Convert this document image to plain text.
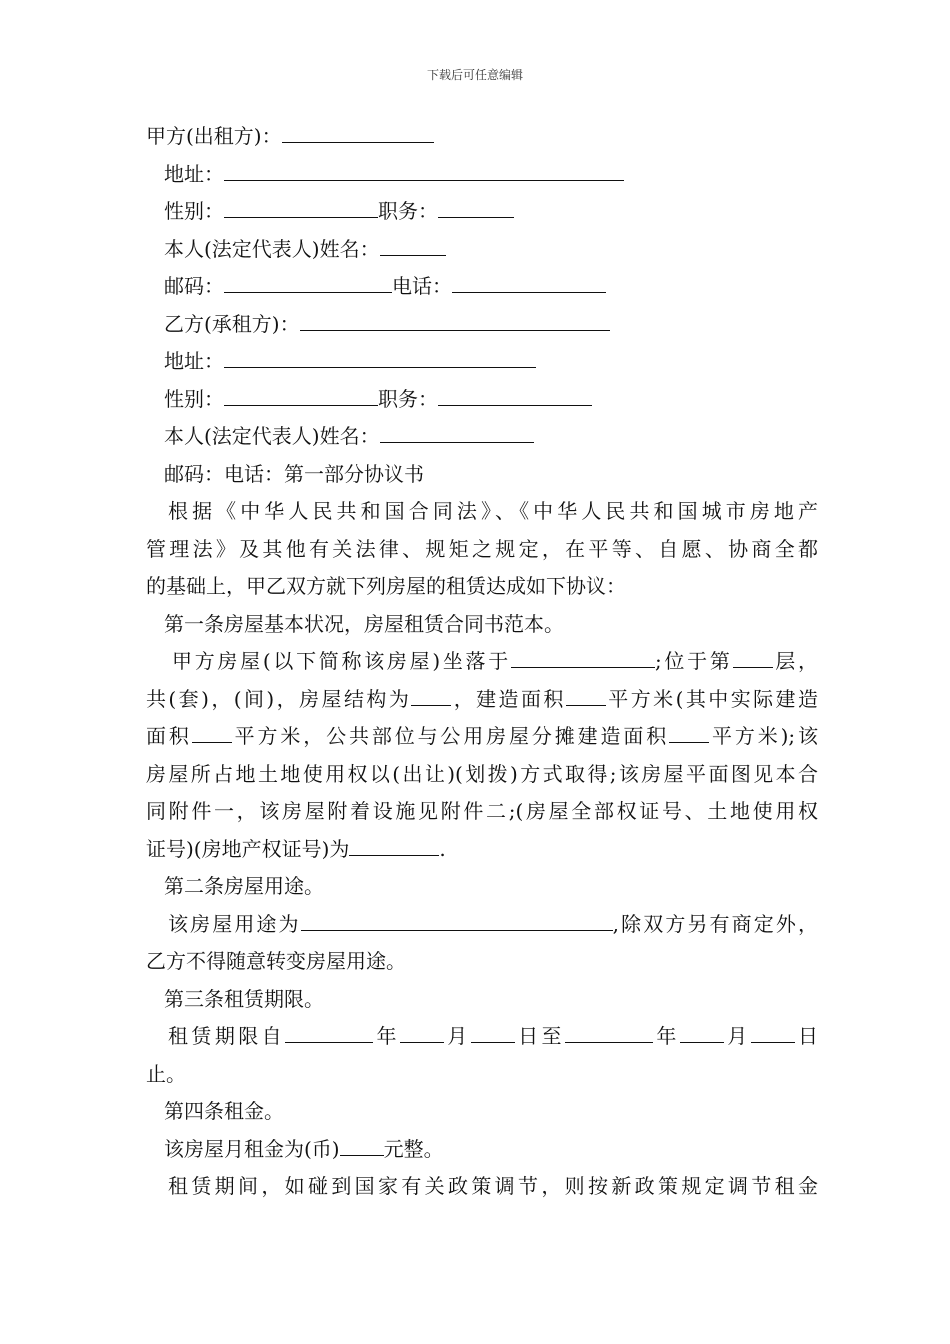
下载后可任意编辑
甲方(出租方)：
地址：
性别：	职务：
本人(法定代表人)姓名：
邮码：	电话：
乙方(承租方)：
地址：
性别：	职务：
本人(法定代表人)姓名：
邮码：电话：第一部分协议书
根据《中华人民共和国合同法》、《中华人民共和国城市房地产
管理法》及其他有关法律、规矩之规定，在平等、自愿、协商全都
的基础上，甲乙双方就下列房屋的租赁达成如下协议：
第一条房屋基本状况，房屋租赁合同书范本。
甲方房屋(以下简称该房屋)坐落于	;位于第 层，
共(套)，(间)，房屋结构为 ，建造面积 平方米(其中实际建造
面积 平方米，公共部位与公用房屋分摊建造面积 平方米);该
房屋所占地土地使用权以(出让)(划拨)方式取得;该房屋平面图见本合
同附件一，该房屋附着设施见附件二;(房屋全部权证号、土地使用权
证号)(房地产权证号)为	.
第二条房屋用途。
该房屋用途为	,除双方另有商定外，
乙方不得随意转变房屋用途。
第三条租赁期限。
租赁期限自	年 月 日至	年 月 日
止。
第四条租金。
该房屋月租金为(币) 元整。
租赁期间，如碰到国家有关政策调节，则按新政策规定调节租金
